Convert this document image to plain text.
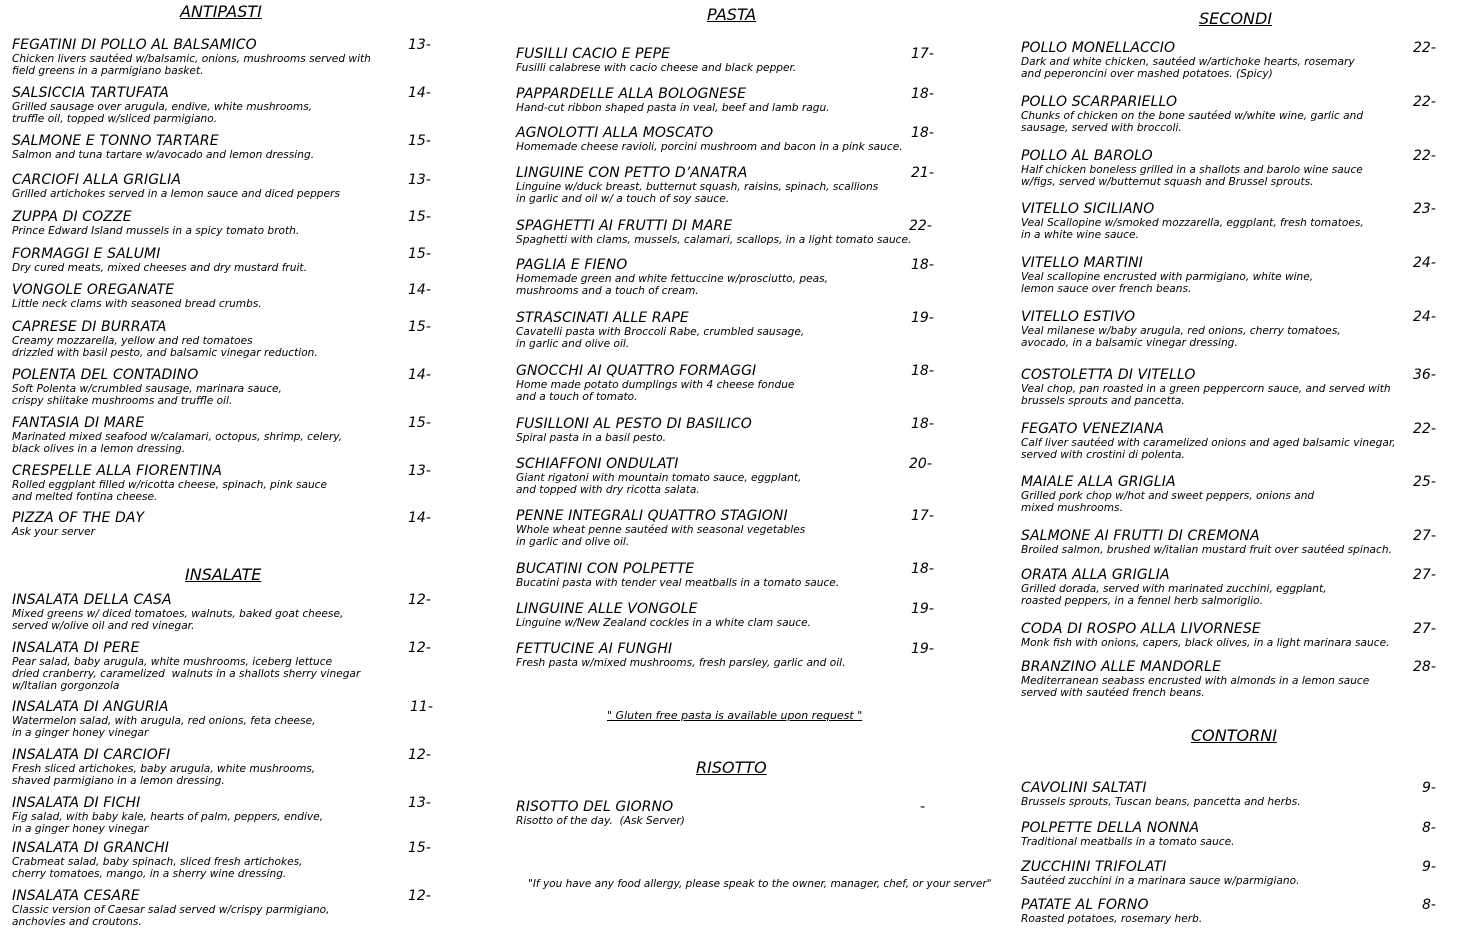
ANTIPASTI
FEGATINI DI POLLO AL BALSAMICO
Chicken livers sautéed w/balsamic, onions, mushrooms served with
field greens in a parmigiano basket.
13-
SALSICCIA TARTUFATA
Grilled sausage over arugula, endive, white mushrooms,
truffle oil, topped w/sliced parmigiano.
14-
SALMONE E TONNO TARTARE
Salmon and tuna tartare w/avocado and lemon dressing.
15-
CARCIOFI ALLA GRIGLIA
Grilled artichokes served in a lemon sauce and diced peppers
13-
ZUPPA DI COZZE
Prince Edward Island mussels in a spicy tomato broth.
15-
FORMAGGI E SALUMI
Dry cured meats, mixed cheeses and dry mustard fruit.
15-
VONGOLE OREGANATE
Little neck clams with seasoned bread crumbs.
14-
CAPRESE DI BURRATA
Creamy mozzarella, yellow and red tomatoes
drizzled with basil pesto, and balsamic vinegar reduction.
15-
POLENTA DEL CONTADINO
Soft Polenta w/crumbled sausage, marinara sauce,
crispy shiitake mushrooms and truffle oil.
14-
FANTASIA DI MARE
Marinated mixed seafood w/calamari, octopus, shrimp, celery,
black olives in a lemon dressing.
15-
CRESPELLE ALLA FIORENTINA
Rolled eggplant filled w/ricotta cheese, spinach, pink sauce
and melted fontina cheese.
13-
PIZZA OF THE DAY
Ask your server
14-
INSALATE
INSALATA DELLA CASA
Mixed greens w/ diced tomatoes, walnuts, baked goat cheese,
served w/olive oil and red vinegar.
12-
INSALATA DI PERE
Pear salad, baby arugula, white mushrooms, iceberg lettuce
dried cranberry, caramelized  walnuts in a shallots sherry vinegar
w/Italian gorgonzola
12-
INSALATA DI ANGURIA
Watermelon salad, with arugula, red onions, feta cheese,
in a ginger honey vinegar
11-
INSALATA DI CARCIOFI
Fresh sliced artichokes, baby arugula, white mushrooms,
shaved parmigiano in a lemon dressing.
12-
INSALATA DI FICHI
Fig salad, with baby kale, hearts of palm, peppers, endive,
in a ginger honey vinegar
13-
INSALATA DI GRANCHI
Crabmeat salad, baby spinach, sliced fresh artichokes,
cherry tomatoes, mango, in a sherry wine dressing.
15-
INSALATA CESARE
Classic version of Caesar salad served w/crispy parmigiano,
anchovies and croutons.
12-
PASTA
FUSILLI CACIO E PEPE
Fusilli calabrese with cacio cheese and black pepper.
17-
PAPPARDELLE ALLA BOLOGNESE
Hand-cut ribbon shaped pasta in veal, beef and lamb ragu.
18-
AGNOLOTTI ALLA MOSCATO
Homemade cheese ravioli, porcini mushroom and bacon in a pink sauce.
18-
LINGUINE CON PETTO D’ANATRA
Linguine w/duck breast, butternut squash, raisins, spinach, scallions
in garlic and oil w/ a touch of soy sauce.
21-
SPAGHETTI AI FRUTTI DI MARE
Spaghetti with clams, mussels, calamari, scallops, in a light tomato sauce.
22-
PAGLIA E FIENO
Homemade green and white fettuccine w/prosciutto, peas,
mushrooms and a touch of cream.
18-
STRASCINATI ALLE RAPE
Cavatelli pasta with Broccoli Rabe, crumbled sausage,
in garlic and olive oil.
19-
GNOCCHI AI QUATTRO FORMAGGI
Home made potato dumplings with 4 cheese fondue
and a touch of tomato.
18-
FUSILLONI AL PESTO DI BASILICO
Spiral pasta in a basil pesto.
18-
SCHIAFFONI ONDULATI
Giant rigatoni with mountain tomato sauce, eggplant,
and topped with dry ricotta salata.
20-
PENNE INTEGRALI QUATTRO STAGIONI
Whole wheat penne sautéed with seasonal vegetables
in garlic and olive oil.
17-
BUCATINI CON POLPETTE
Bucatini pasta with tender veal meatballs in a tomato sauce.
18-
LINGUINE ALLE VONGOLE
Linguine w/New Zealand cockles in a white clam sauce.
19-
FETTUCINE AI FUNGHI
Fresh pasta w/mixed mushrooms, fresh parsley, garlic and oil.
19-
" Gluten free pasta is available upon request "
RISOTTO
RISOTTO DEL GIORNO
Risotto of the day.  (Ask Server)
-
"If you have any food allergy, please speak to the owner, manager, chef, or your server"
SECONDI
POLLO MONELLACCIO
Dark and white chicken, sautéed w/artichoke hearts, rosemary
and peperoncini over mashed potatoes. (Spicy)
22-
POLLO SCARPARIELLO
Chunks of chicken on the bone sautéed w/white wine, garlic and
sausage, served with broccoli.
22-
POLLO AL BAROLO
Half chicken boneless grilled in a shallots and barolo wine sauce
w/figs, served w/butternut squash and Brussel sprouts.
22-
VITELLO SICILIANO
Veal Scallopine w/smoked mozzarella, eggplant, fresh tomatoes,
in a white wine sauce.
23-
VITELLO MARTINI
Veal scallopine encrusted with parmigiano, white wine,
lemon sauce over french beans.
24-
VITELLO ESTIVO
Veal milanese w/baby arugula, red onions, cherry tomatoes,
avocado, in a balsamic vinegar dressing.
24-
COSTOLETTA DI VITELLO
Veal chop, pan roasted in a green peppercorn sauce, and served with
brussels sprouts and pancetta.
36-
FEGATO VENEZIANA
Calf liver sautéed with caramelized onions and aged balsamic vinegar,
served with crostini di polenta.
22-
MAIALE ALLA GRIGLIA
Grilled pork chop w/hot and sweet peppers, onions and
mixed mushrooms.
25-
SALMONE AI FRUTTI DI CREMONA
Broiled salmon, brushed w/italian mustard fruit over sautéed spinach.
27-
ORATA ALLA GRIGLIA
Grilled dorada, served with marinated zucchini, eggplant,
roasted peppers, in a fennel herb salmoriglio.
27-
CODA DI ROSPO ALLA LIVORNESE
Monk fish with onions, capers, black olives, in a light marinara sauce.
27-
BRANZINO ALLE MANDORLE
Mediterranean seabass encrusted with almonds in a lemon sauce
served with sautéed french beans.
28-
CONTORNI
CAVOLINI SALTATI
Brussels sprouts, Tuscan beans, pancetta and herbs.
9-
POLPETTE DELLA NONNA
Traditional meatballs in a tomato sauce.
8-
ZUCCHINI TRIFOLATI
Sautéed zucchini in a marinara sauce w/parmigiano.
9-
PATATE AL FORNO
Roasted potatoes, rosemary herb.
8-
